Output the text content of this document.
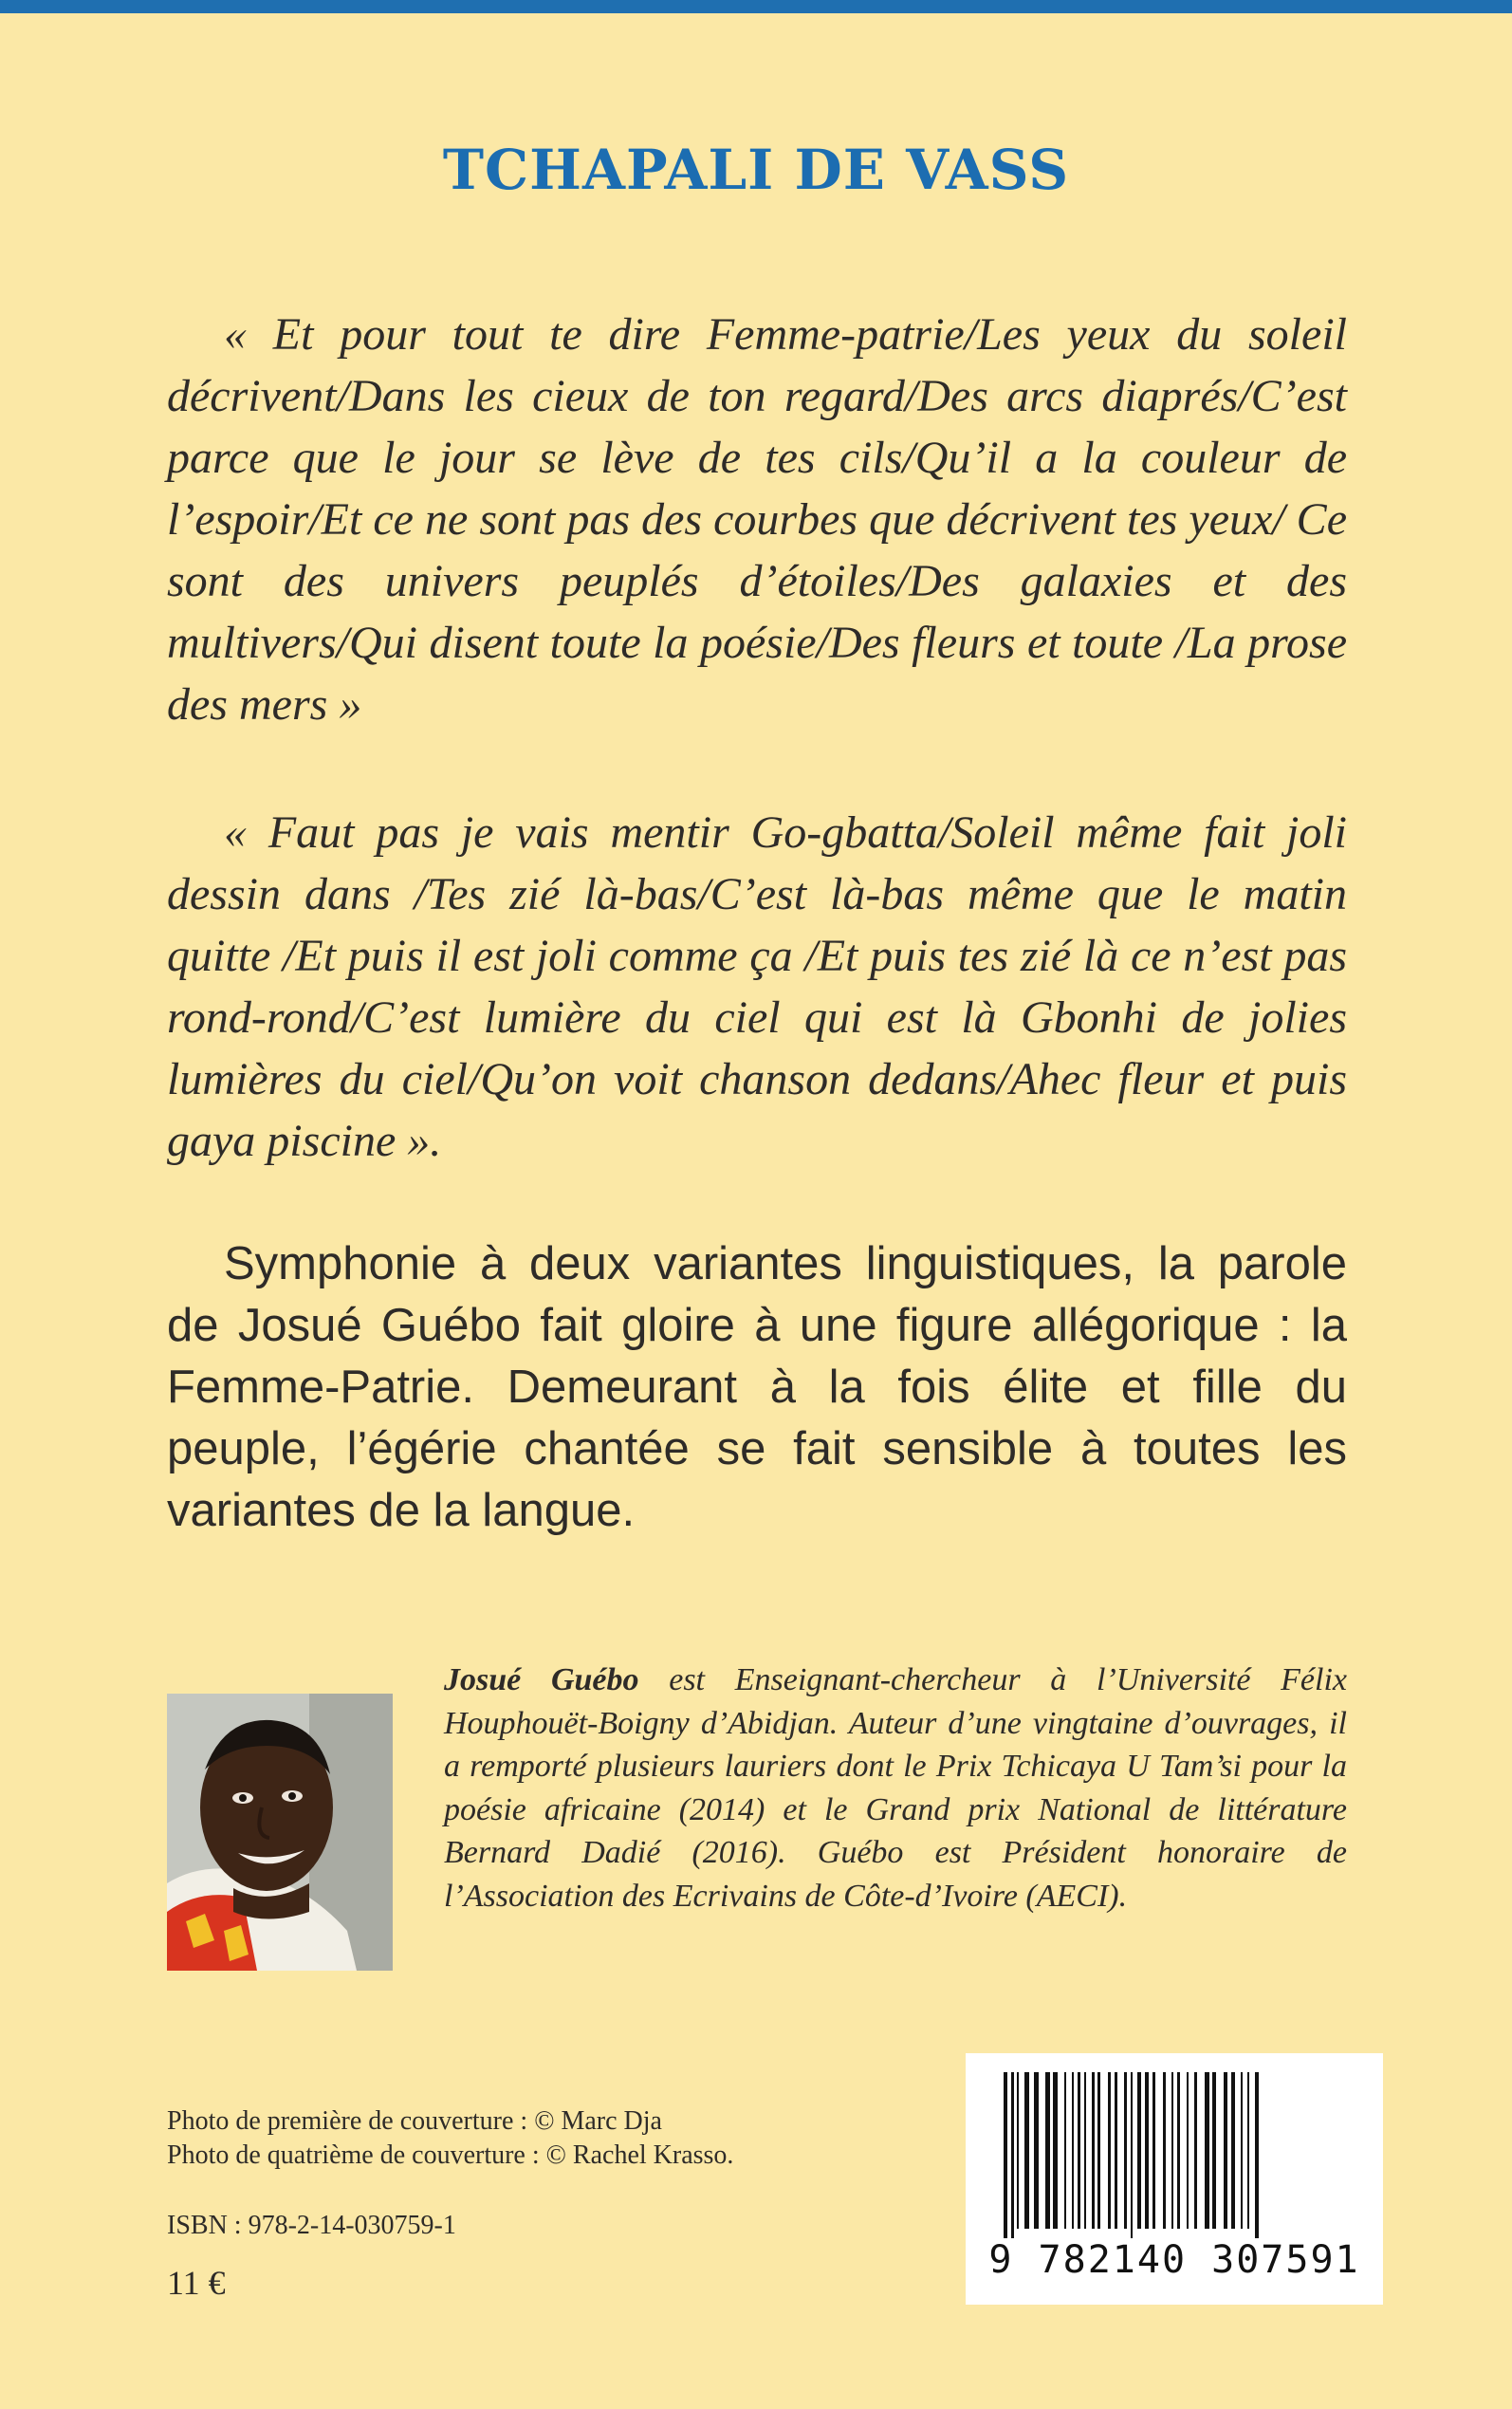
TCHAPALI DE VASS

« Et pour tout te dire Femme-patrie/Les yeux du soleil décrivent/Dans les cieux de ton regard/Des arcs diaprés/C’est parce que le jour se lève de tes cils/Qu’il a la couleur de l’espoir/Et ce ne sont pas des courbes que décrivent tes yeux/ Ce sont des univers peuplés d’étoiles/Des galaxies et des multivers/Qui disent toute la poésie/Des fleurs et toute /La prose des mers »

« Faut pas je vais mentir Go-gbatta/Soleil même fait joli dessin dans /Tes zié là-bas/C’est là-bas même que le matin quitte /Et puis il est joli comme ça /Et puis tes zié là ce n’est pas rond-rond/C’est lumière du ciel qui est là Gbonhi de jolies lumières du ciel/Qu’on voit chanson dedans/Ahec fleur et puis gaya piscine ».

Symphonie à deux variantes linguistiques, la parole de Josué Guébo fait gloire à une figure allégorique : la Femme-Patrie. Demeurant à la fois élite et fille du peuple, l’égérie chantée se fait sensible à toutes les variantes de la langue.

Josué Guébo est Enseignant-chercheur à l’Université Félix Houphouët-Boigny d’Abidjan. Auteur d’une vingtaine d’ouvrages, il a remporté plusieurs lauriers dont le Prix Tchicaya U Tam’si pour la poésie africaine (2014) et le Grand prix National de littérature Bernard Dadié (2016). Guébo est Président honoraire de l’Association des Ecrivains de Côte-d’Ivoire (AECI).

Photo de première de couverture : © Marc Dja
Photo de quatrième de couverture : © Rachel Krasso.

ISBN : 978-2-14-030759-1

11 €

9 782140 307591
